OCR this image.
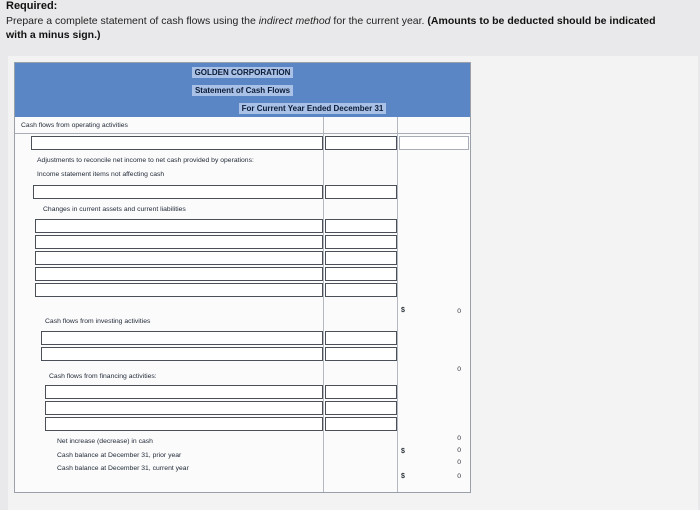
Required:
Prepare a complete statement of cash flows using the indirect method for the current year. (Amounts to be deducted should be indicated with a minus sign.)
GOLDEN CORPORATION
Statement of Cash Flows
For Current Year Ended December 31
Cash flows from operating activities
Adjustments to reconcile net income to net cash provided by operations:
Income statement items not affecting cash
Changes in current assets and current liabilities
$	0
Cash flows from investing activities
0
Cash flows from financing activities:
0
Net increase (decrease) in cash
0
Cash balance at December 31, prior year
$
0
Cash balance at December 31, current year
$	0
